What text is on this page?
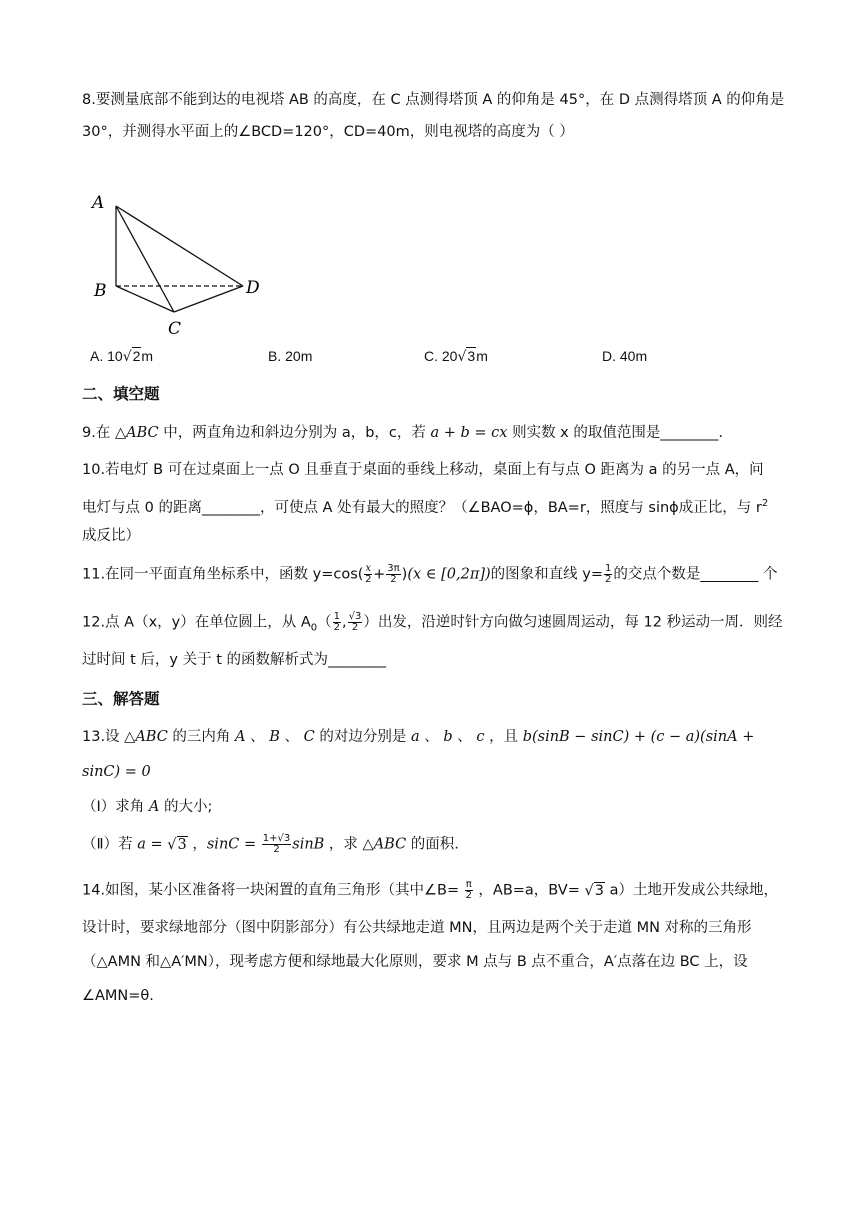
8.要测量底部不能到达的电视塔 AB 的高度，在 C 点测得塔顶 A 的仰角是 45°，在 D 点测得塔顶 A 的仰角是
30°，并测得水平面上的∠BCD=120°，CD=40m，则电视塔的高度为（ ）
A
B
C
D
A. 10√2m	B. 20m	C. 20√3m	D. 40m
二、填空题
9.在 △ABC 中，两直角边和斜边分别为 a，b，c，若 a + b = cx 则实数 x 的取值范围是________.
10.若电灯 B 可在过桌面上一点 O 且垂直于桌面的垂线上移动，桌面上有与点 O 距离为 a 的另一点 A，问
电灯与点 0 的距离________，可使点 A 处有最大的照度？（∠BAO=ϕ，BA=r，照度与 sinϕ成正比，与 $r^2$
成反比）
11.在同一平面直角坐标系中，函数 $y=\cos( \frac{x}{2} + \frac{3\pi}{2} )(x$ ∈ [0,2π])的图象和直线 $y= \frac{1}{2}$ 的交点个数是________ 个
12.点 A（x，y）在单位圆上，从 $A_0( \frac{1}{2}$ , $\frac{√3}{2}$ ）出发，沿逆时针方向做匀速圆周运动，每 12 秒运动一周．则经
过时间 t 后，y 关于 t 的函数解析式为________
三、解答题
13.设 △ABC 的三内角 A 、 B 、 C 的对边分别是 a 、 b 、 c ，且 b(sinB − sinC) + (c − a)(sinA +
sinC) = 0
（Ⅰ）求角 A 的大小;
（Ⅱ）若 a = √3 ，$\sin C = \frac{1+√3}{2}$ sinB ，求 △ABC 的面积.
14.如图，某小区准备将一块闲置的直角三角形（其中∠B= $\frac{\pi}{2}$ ，AB=a，BV= √3 a）土地开发成公共绿地，
设计时，要求绿地部分（图中阴影部分）有公共绿地走道 MN，且两边是两个关于走道 MN 对称的三角形
（△AMN 和△A′MN），现考虑方便和绿地最大化原则，要求 M 点与 B 点不重合，A′点落在边 BC 上，设
∠AMN=θ.
